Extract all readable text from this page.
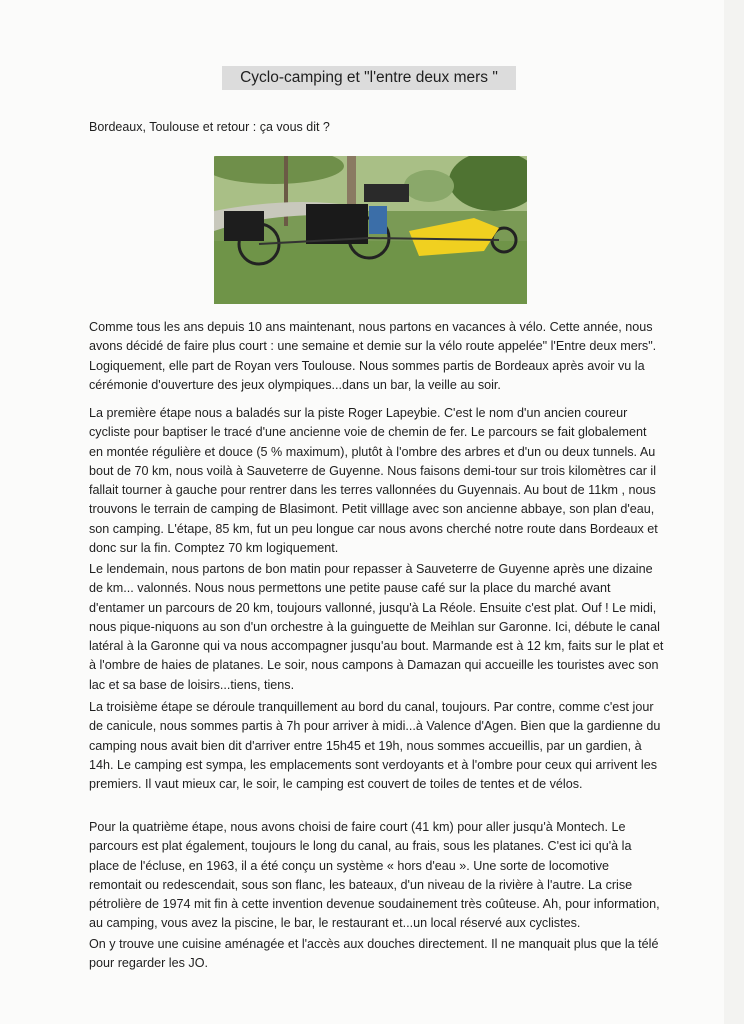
Cyclo-camping et "l'entre deux mers "
Bordeaux, Toulouse et retour : ça vous dit ?

Comme tous les ans depuis 10 ans maintenant, nous partons en vacances à vélo. Cette année, nous avons décidé de faire plus court : une semaine et demie sur la vélo route appelée" l'Entre deux mers". Logiquement, elle part de Royan vers Toulouse. Nous sommes partis de Bordeaux après avoir vu la cérémonie d'ouverture des jeux olympiques...dans un bar, la veille au soir.

La première étape nous a baladés sur la piste Roger Lapeybie. C'est le nom d'un ancien coureur cycliste pour baptiser le tracé d'une ancienne voie de chemin de fer. Le parcours se fait globalement en montée régulière et douce (5 % maximum), plutôt à l'ombre des arbres et d'un ou deux tunnels. Au bout de 70 km, nous voilà à Sauveterre de Guyenne. Nous faisons demi-tour sur trois kilomètres car il fallait tourner à gauche pour rentrer dans les terres vallonnées du Guyennais. Au bout de 11km , nous trouvons le terrain de camping de Blasimont. Petit villlage avec son ancienne abbaye, son plan d'eau, son camping. L'étape, 85 km, fut un peu longue car nous avons cherché notre route dans Bordeaux et donc sur la fin. Comptez 70 km logiquement.

Le lendemain, nous partons de bon matin pour repasser à Sauveterre de Guyenne après une dizaine de km... valonnés. Nous nous permettons une petite pause café sur la place du marché avant d'entamer un parcours de 20 km, toujours vallonné, jusqu'à La Réole. Ensuite c'est plat. Ouf ! Le midi, nous pique-niquons au son d'un orchestre à la guinguette de Meihlan sur Garonne. Ici, débute le canal latéral à la Garonne qui va nous accompagner jusqu'au bout. Marmande est à 12 km, faits sur le plat et à l'ombre de haies de platanes. Le soir, nous campons à Damazan qui accueille les touristes avec son lac et sa base de loisirs...tiens, tiens.

La troisième étape se déroule tranquillement au bord du canal, toujours. Par contre, comme c'est jour de canicule, nous sommes partis à 7h pour arriver à midi...à Valence d'Agen. Bien que la gardienne du camping nous avait bien dit d'arriver entre 15h45 et 19h, nous sommes accueillis, par un gardien, à 14h. Le camping est sympa, les emplacements sont verdoyants et à l'ombre pour ceux qui arrivent les premiers. Il vaut mieux car, le soir, le camping est couvert de toiles de tentes et de vélos.

Pour la quatrième étape, nous avons choisi de faire court (41 km) pour aller jusqu'à Montech. Le parcours est plat également, toujours le long du canal, au frais, sous les platanes. C'est ici qu'à la place de l'écluse, en 1963, il a été conçu un système « hors d'eau ». Une sorte de locomotive remontait ou redescendait, sous son flanc, les bateaux, d'un niveau de la rivière à l'autre. La crise pétrolière de 1974 mit fin à cette invention devenue soudainement très coûteuse. Ah, pour information, au camping, vous avez la piscine, le bar, le restaurant et...un local réservé aux cyclistes.

On y trouve une cuisine aménagée et l'accès aux douches directement. Il ne manquait plus que la télé pour regarder les JO.
